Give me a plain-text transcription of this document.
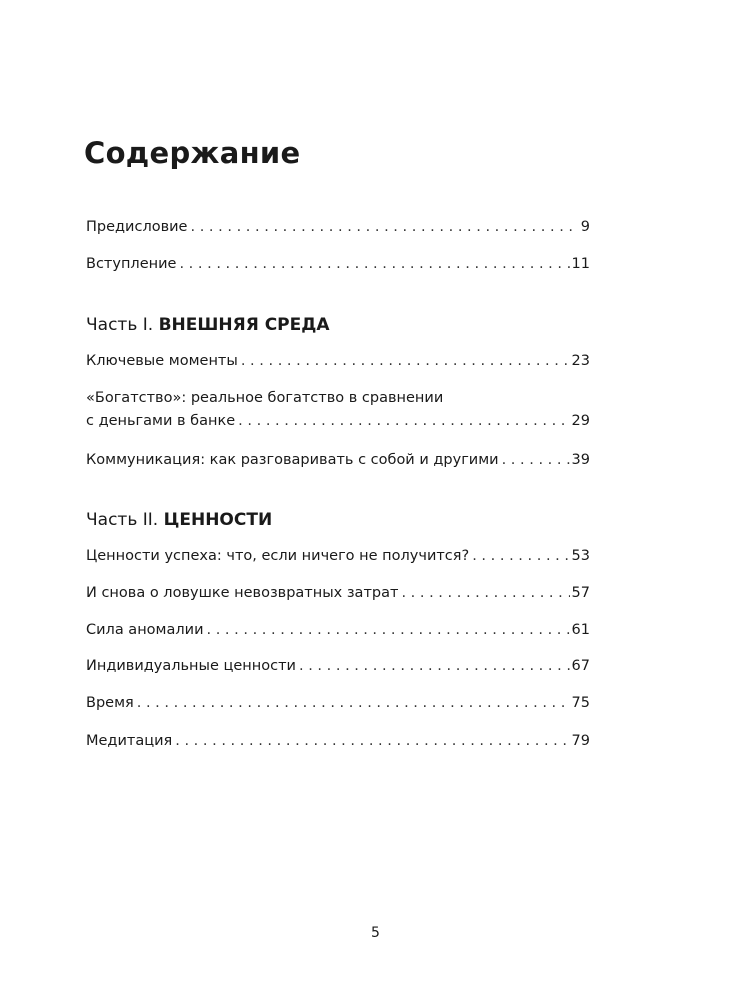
Содержание
Предисловие . . .	9
Вступление . . .	11
Часть I. ВНЕШНЯЯ СРЕДА
Ключевые моменты . . .	23
«Богатство»: реальное богатство в сравнении
с деньгами в банке . . .	29
Коммуникация: как разговаривать с собой и другими . . .	39
Часть II. ЦЕННОСТИ
Ценности успеха: что, если ничего не получится? . . .	53
И снова о ловушке невозвратных затрат . . .	57
Сила аномалии . . .	61
Индивидуальные ценности . . .	67
Время . . .	75
Медитация . . .	79
5
